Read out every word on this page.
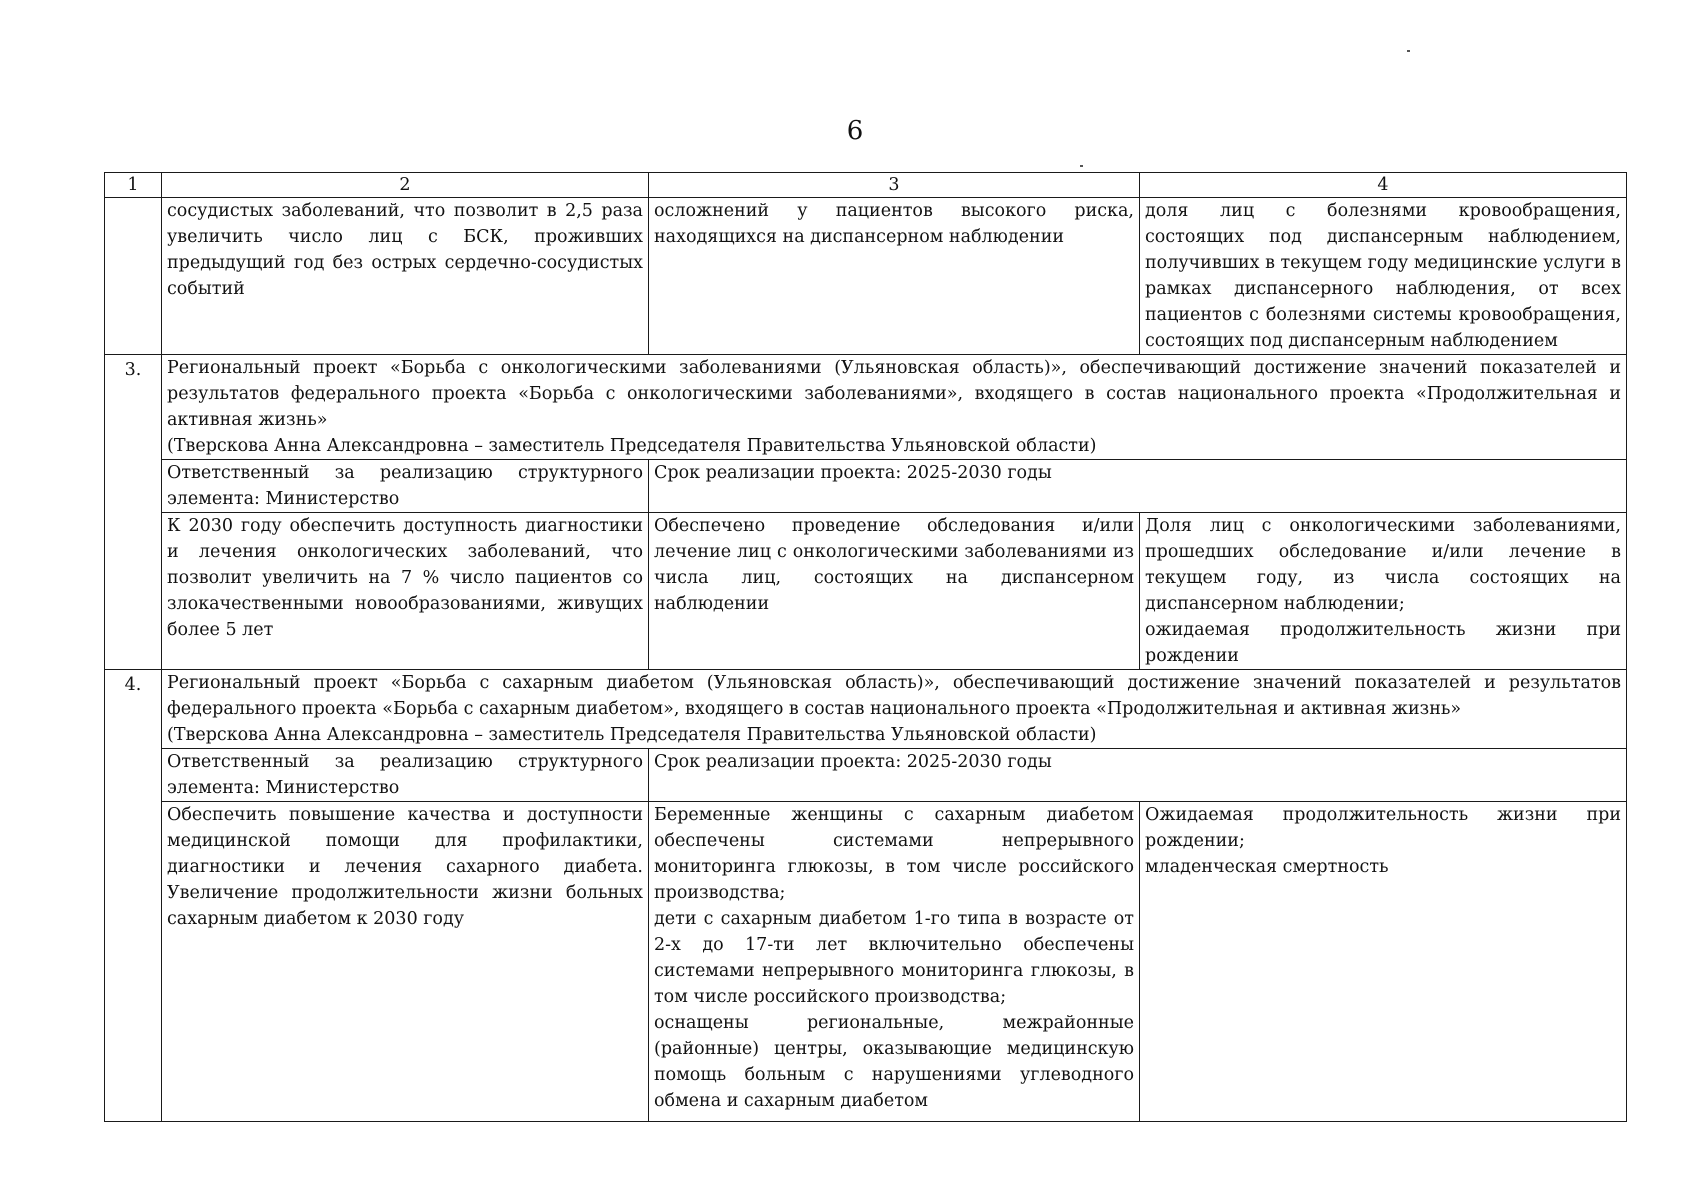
6
1	2	3	4
	сосудистых заболеваний, что позволит в 2,5 раза увеличить число лиц с БСК, проживших предыдущий год без острых сердечно-сосудистых событий	осложнений у пациентов высокого риска, находящихся на диспансерном наблюдении	доля лиц с болезнями кровообращения, состоящих под диспансерным наблюдением, получивших в текущем году медицинские услуги в рамках диспансерного наблюдения, от всех пациентов с болезнями системы кровообращения, состоящих под диспансерным наблюдением
3.	Региональный проект «Борьба с онкологическими заболеваниями (Ульяновская область)», обеспечивающий достижение значений показателей и результатов федерального проекта «Борьба с онкологическими заболеваниями», входящего в состав национального проекта «Продолжительная и активная жизнь»
(Тверскова Анна Александровна – заместитель Председателя Правительства Ульяновской области)		

	Ответственный за реализацию структурного элемента: Министерство	Срок реализации проекта: 2025-2030 годы	
	К 2030 году обеспечить доступность диагностики и лечения онкологических заболеваний, что позволит увеличить на 7 % число пациентов со злокачественными новообразованиями, живущих более 5 лет	Обеспечено проведение обследования и/или лечение лиц с онкологическими заболеваниями из числа лиц, состоящих на диспансерном наблюдении	Доля лиц с онкологическими заболеваниями, прошедших обследование и/или лечение в текущем году, из числа состоящих на диспансерном наблюдении;
ожидаемая продолжительность жизни при рождении

4.	Региональный проект «Борьба с сахарным диабетом (Ульяновская область)», обеспечивающий достижение значений показателей и результатов федерального проекта «Борьба с сахарным диабетом», входящего в состав национального проекта «Продолжительная и активная жизнь»
(Тверскова Анна Александровна – заместитель Председателя Правительства Ульяновской области)		

	Ответственный за реализацию структурного элемента: Министерство	Срок реализации проекта: 2025-2030 годы	
	Обеспечить повышение качества и доступности медицинской помощи для профилактики, диагностики и лечения сахарного диабета. Увеличение продолжительности жизни больных сахарным диабетом к 2030 году	Беременные женщины с сахарным диабетом обеспечены системами непрерывного мониторинга глюкозы, в том числе российского производства;
дети с сахарным диабетом 1-го типа в возрасте от 2-х до 17-ти лет включительно обеспечены системами непрерывного мониторинга глюкозы, в том числе российского производства;
оснащены региональные, межрайонные (районные) центры, оказывающие медицинскую помощь больным с нарушениями углеводного обмена и сахарным диабетом	Ожидаемая продолжительность жизни при рождении;
младенческая смертность
